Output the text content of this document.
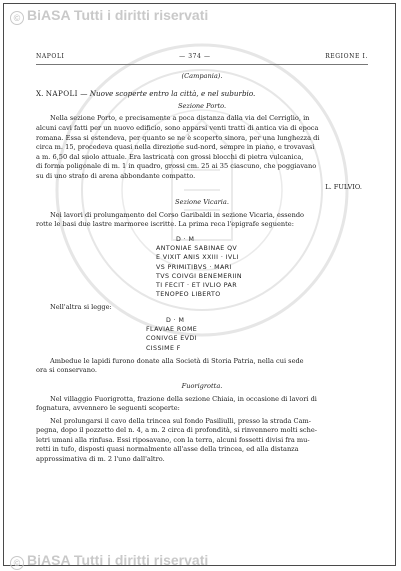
© BiASA Tutti i diritti riservati
NAPOLI	— 374 —	REGIONE I.
(Campania).
X. NAPOLI — Nuove scoperte entro la città, e nel suburbio.
Sezione Porto.

Nella sezione Porto, e precisamente a poca distanza dalla via del Cerriglio, in

alcuni cavi fatti per un nuovo edificio, sono apparsi venti tratti di antica via di epoca

romana. Essa si estendeva, per quanto se ne è scoperto sinora, per una lunghezza di

circa m. 15, procedeva quasi nella direzione sud-nord, sempre in piano, e trovavasi

a m. 6,50 dal suolo attuale. Era lastricata con grossi blocchi di pietra vulcanica,

di forma poligonale di m. 1 in quadro, grossi cm. 25 ai 35 ciascuno, che poggiavano

su di uno strato di arena abbondante compatto.

L. FULVIO.
Sezione Vicaria.

Nei lavori di prolungamento del Corso Garibaldi in sezione Vicaria, essendo

rotte le basi due lastre marmoree iscritte. La prima reca l'epigrafe seguente:

D · M
ANTONIAE SABINAE QV
E VIXIT ANIS XXIII · IVLI
VS PRIMITIBVS · MARI
TVS COIVGI BENEMERIIN
TI FECIT · ET IVLIO PAR
TENOPEO LIBERTO

Nell'altra si legge:

D · M
FLAVIAE ROME
CONIVGE EVDI
CISSIME F

Ambedue le lapidi furono donate alla Società di Storia Patria, nella cui sede

ora si conservano.

Fuorigrotta.

Nel villaggio Fuorigrotta, frazione della sezione Chiaia, in occasione di lavori di

fognatura, avvennero le seguenti scoperte:

Nel prolungarsi il cavo della trincea sul fondo Pasiliulli, presso la strada Cam-

pegna, dopo il pozzetto del n. 4, a m. 2 circa di profondità, si rinvennero molti sche-

letri umani alla rinfusa. Essi riposavano, con la terra, alcuni fossetti divisi fra mu-

retti in tufo, disposti quasi normalmente all'asse della trincea, ed alla distanza

approssimativa di m. 2 l'uno dall'altro.

© BiASA Tutti i diritti riservati
